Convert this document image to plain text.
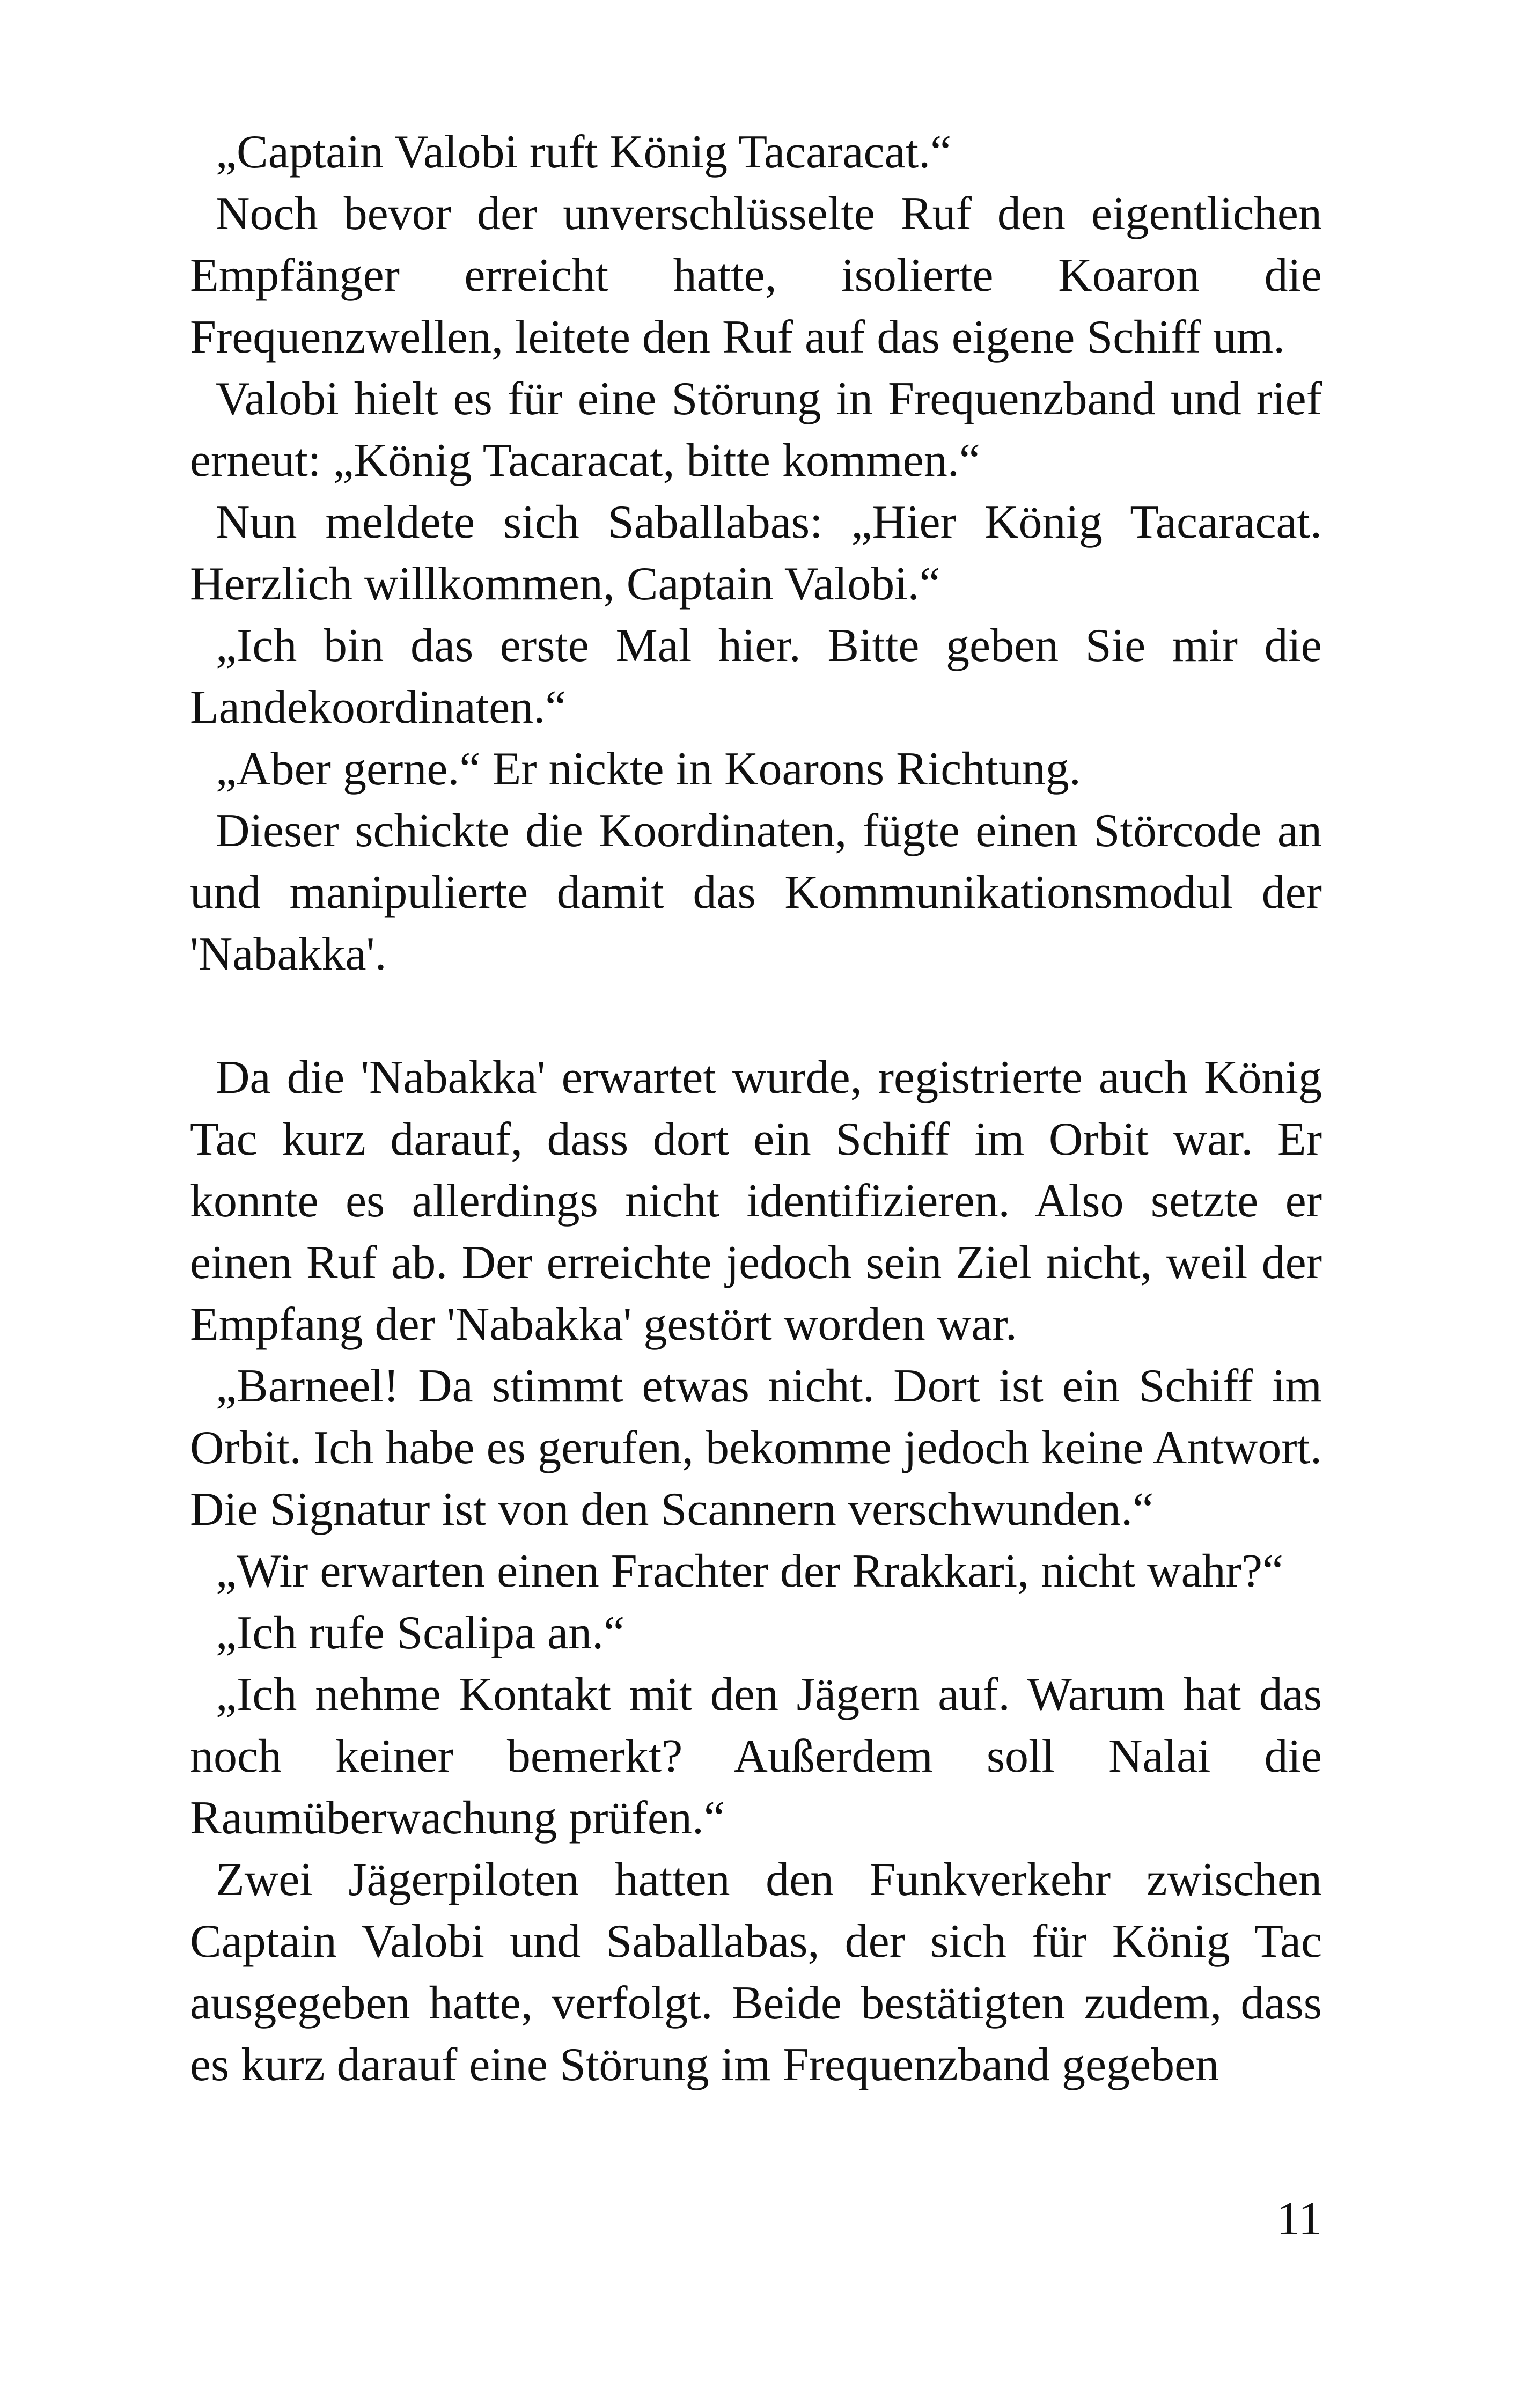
„Captain Valobi ruft König Tacaracat.“

Noch bevor der unverschlüsselte Ruf den eigentlichen Empfänger erreicht hatte, isolierte Koaron die Frequenzwellen, leitete den Ruf auf das eigene Schiff um.

Valobi hielt es für eine Störung in Frequenzband und rief erneut: „König Tacaracat, bitte kommen.“

Nun meldete sich Saballabas: „Hier König Tacaracat. Herzlich willkommen, Captain Valobi.“

„Ich bin das erste Mal hier. Bitte geben Sie mir die Landekoordinaten.“

„Aber gerne.“ Er nickte in Koarons Richtung.

Dieser schickte die Koordinaten, fügte einen Störcode an und manipulierte damit das Kommunikationsmodul der 'Nabakka'.

Da die 'Nabakka' erwartet wurde, registrierte auch König Tac kurz darauf, dass dort ein Schiff im Orbit war. Er konnte es allerdings nicht identifizieren. Also setzte er einen Ruf ab. Der erreichte jedoch sein Ziel nicht, weil der Empfang der 'Nabakka' gestört worden war.

„Barneel! Da stimmt etwas nicht. Dort ist ein Schiff im Orbit. Ich habe es gerufen, bekomme jedoch keine Antwort. Die Signatur ist von den Scannern verschwunden.“

„Wir erwarten einen Frachter der Rrakkari, nicht wahr?“

„Ich rufe Scalipa an.“

„Ich nehme Kontakt mit den Jägern auf. Warum hat das noch keiner bemerkt? Außerdem soll Nalai die Raumüberwachung prüfen.“

Zwei Jägerpiloten hatten den Funkverkehr zwischen Captain Valobi und Saballabas, der sich für König Tac ausgegeben hatte, verfolgt. Beide bestätigten zudem, dass es kurz darauf eine Störung im Frequenzband gegeben

11
